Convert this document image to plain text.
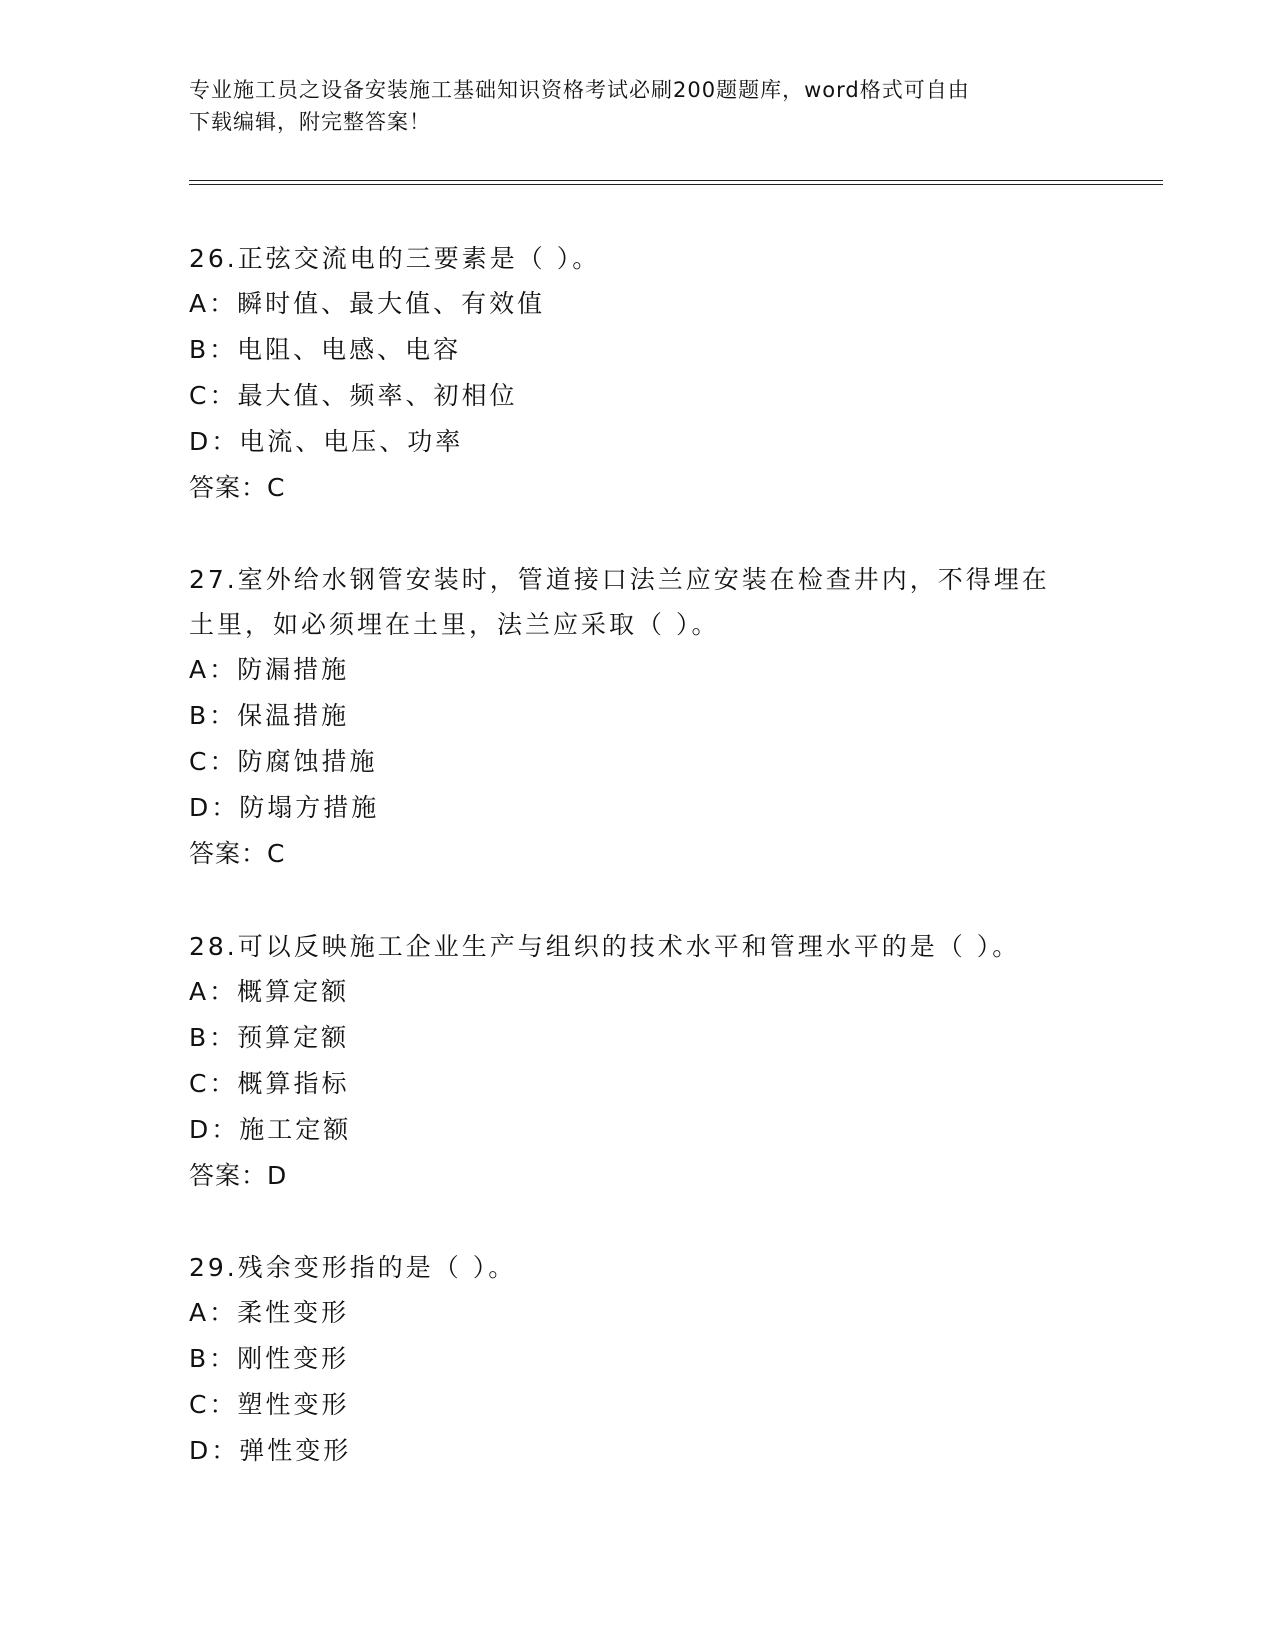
专业施工员之设备安装施工基础知识资格考试必刷200题题库，word格式可自由
下载编辑，附完整答案！

26.正弦交流电的三要素是（ ）。

A：瞬时值、最大值、有效值
B：电阻、电感、电容
C：最大值、频率、初相位
D：电流、电压、功率
答案：C

27.室外给水钢管安装时，管道接口法兰应安装在检查井内，不得埋在

土里，如必须埋在土里，法兰应采取（ ）。

A：防漏措施
B：保温措施
C：防腐蚀措施
D：防塌方措施
答案：C

28.可以反映施工企业生产与组织的技术水平和管理水平的是（ ）。

A：概算定额
B：预算定额
C：概算指标
D：施工定额
答案：D

29.残余变形指的是（ ）。

A：柔性变形
B：刚性变形
C：塑性变形
D：弹性变形
